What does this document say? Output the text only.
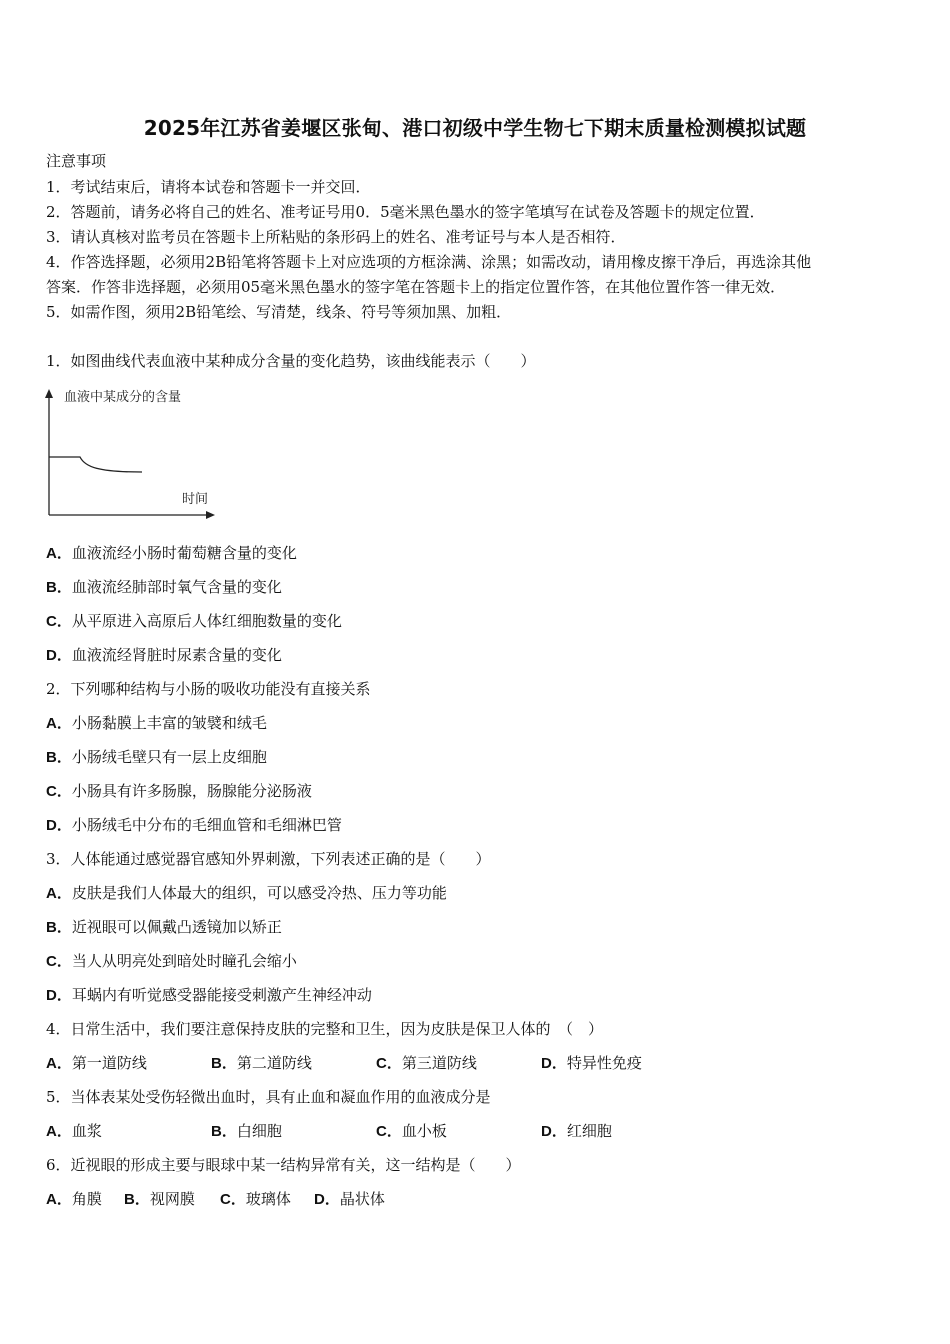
2025年江苏省姜堰区张甸、港口初级中学生物七下期末质量检测模拟试题
注意事项
1．考试结束后，请将本试卷和答题卡一并交回．
2．答题前，请务必将自己的姓名、准考证号用0．5毫米黑色墨水的签字笔填写在试卷及答题卡的规定位置．
3．请认真核对监考员在答题卡上所粘贴的条形码上的姓名、准考证号与本人是否相符．
4．作答选择题，必须用2B铅笔将答题卡上对应选项的方框涂满、涂黑；如需改动，请用橡皮擦干净后，再选涂其他
答案．作答非选择题，必须用05毫米黑色墨水的签字笔在答题卡上的指定位置作答，在其他位置作答一律无效．
5．如需作图，须用2B铅笔绘、写清楚，线条、符号等须加黑、加粗．
1．如图曲线代表血液中某种成分含量的变化趋势，该曲线能表示（　　）
血液中某成分的含量
时间
A．血液流经小肠时葡萄糖含量的变化
B．血液流经肺部时氧气含量的变化
C．从平原进入高原后人体红细胞数量的变化
D．血液流经肾脏时尿素含量的变化
2．下列哪种结构与小肠的吸收功能没有直接关系
A．小肠黏膜上丰富的皱襞和绒毛
B．小肠绒毛壁只有一层上皮细胞
C．小肠具有许多肠腺，肠腺能分泌肠液
D．小肠绒毛中分布的毛细血管和毛细淋巴管
3．人体能通过感觉器官感知外界刺激，下列表述正确的是（　　）
A．皮肤是我们人体最大的组织，可以感受冷热、压力等功能
B．近视眼可以佩戴凸透镜加以矫正
C．当人从明亮处到暗处时瞳孔会缩小
D．耳蜗内有听觉感受器能接受刺激产生神经冲动
4．日常生活中，我们要注意保持皮肤的完整和卫生，因为皮肤是保卫人体的　（　）
A．第一道防线	B．第二道防线	C．第三道防线	D．特异性免疫
5．当体表某处受伤轻微出血时，具有止血和凝血作用的血液成分是
A．血浆	B．白细胞	C．血小板	D．红细胞
6．近视眼的形成主要与眼球中某一结构异常有关，这一结构是（　　）
A．角膜 B．视网膜 C．玻璃体 D．晶状体
